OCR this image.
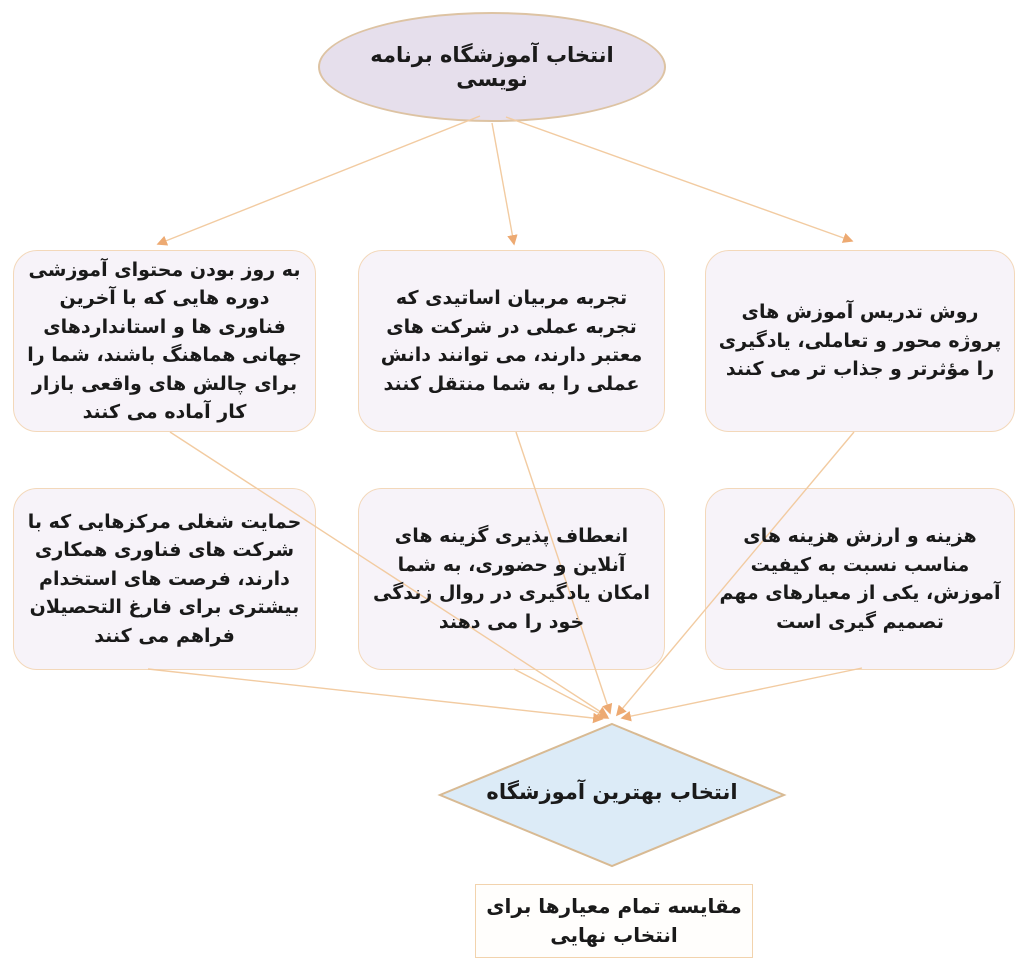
انتخاب آموزشگاه برنامه نویسی
به روز بودن محتوای آموزشی دوره هایی که با آخرین فناوری ها و استانداردهای جهانی هماهنگ باشند، شما را برای چالش های واقعی بازار کار آماده می کنند
تجربه مربیان اساتیدی که تجربه عملی در شرکت های معتبر دارند، می توانند دانش عملی را به شما منتقل کنند
روش تدریس آموزش های پروژه محور و تعاملی، یادگیری را مؤثرتر و جذاب تر می کنند
حمایت شغلی مرکزهایی که با شرکت های فناوری همکاری دارند، فرصت های استخدام بیشتری برای فارغ التحصیلان فراهم می کنند
انعطاف پذیری گزینه های آنلاین و حضوری، به شما امکان یادگیری در روال زندگی خود را می دهند
هزینه و ارزش هزینه های مناسب نسبت به کیفیت آموزش، یکی از معیارهای مهم تصمیم گیری است
انتخاب بهترین آموزشگاه
مقایسه تمام معیارها برای انتخاب نهایی
